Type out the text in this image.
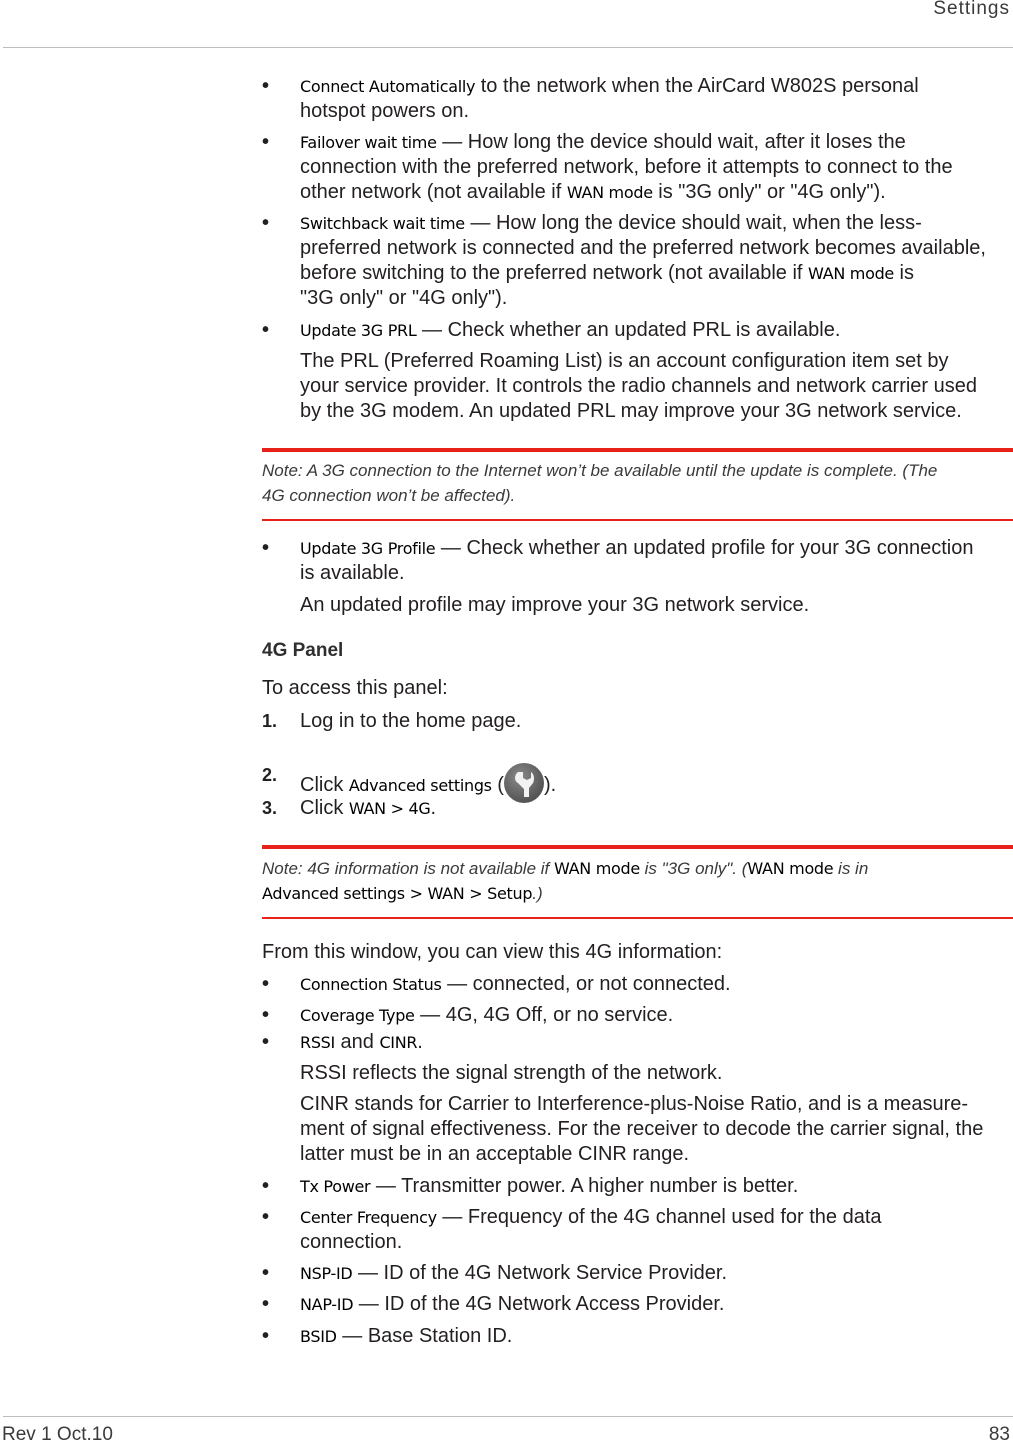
Settings
• Connect Automatically to the network when the AirCard W802S personal
hotspot powers on.
• Failover wait time — How long the device should wait, after it loses the
connection with the preferred network, before it attempts to connect to the
other network (not available if WAN mode is "3G only" or "4G only").
• Switchback wait time — How long the device should wait, when the less-
preferred network is connected and the preferred network becomes available,
before switching to the preferred network (not available if WAN mode is
"3G only" or "4G only").
• Update 3G PRL — Check whether an updated PRL is available.
The PRL (Preferred Roaming List) is an account configuration item set by
your service provider. It controls the radio channels and network carrier used
by the 3G modem. An updated PRL may improve your 3G network service.
Note: A 3G connection to the Internet won’t be available until the update is complete. (The
4G connection won’t be affected).
• Update 3G Profile — Check whether an updated profile for your 3G connection
is available.
An updated profile may improve your 3G network service.
4G Panel
To access this panel:
1. Log in to the home page.
2. Click Advanced settings ( ).
3. Click WAN > 4G.
Note: 4G information is not available if WAN mode is "3G only". (WAN mode is in
Advanced settings > WAN > Setup.)
From this window, you can view this 4G information:
• Connection Status — connected, or not connected.
• Coverage Type — 4G, 4G Off, or no service.
• RSSI and CINR.
RSSI reflects the signal strength of the network.
CINR stands for Carrier to Interference-plus-Noise Ratio, and is a measure-
ment of signal effectiveness. For the receiver to decode the carrier signal, the
latter must be in an acceptable CINR range.
• Tx Power — Transmitter power. A higher number is better.
• Center Frequency — Frequency of the 4G channel used for the data
connection.
• NSP-ID — ID of the 4G Network Service Provider.
• NAP-ID — ID of the 4G Network Access Provider.
• BSID — Base Station ID.
Rev 1 Oct.10	83
